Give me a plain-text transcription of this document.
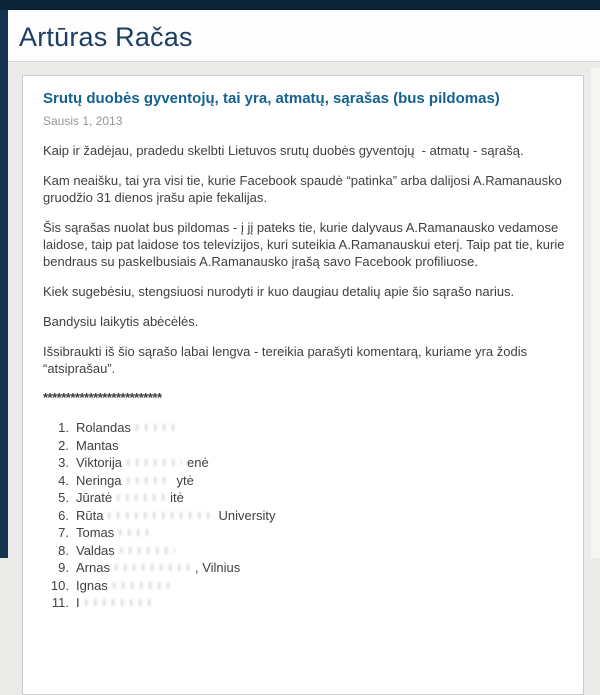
Artūras Račas
Srutų duobės gyventojų, tai yra, atmatų, sąrašas (bus pildomas)
Sausis 1, 2013

Kaip ir žadėjau, pradedu skelbti Lietuvos srutų duobės gyventojų  - atmatų - sąrašą.

Kam neaišku, tai yra visi tie, kurie Facebook spaudė “patinka” arba dalijosi A.Ramanausko gruodžio 31 dienos įrašu apie fekalijas.

Šis sąrašas nuolat bus pildomas - į jį pateks tie, kurie dalyvaus A.Ramanausko vedamose laidose, taip pat laidose tos televizijos, kuri suteikia A.Ramanauskui eterį. Taip pat tie, kurie bendraus su paskelbusiais A.Ramanausko įrašą savo Facebook profiliuose.

Kiek sugebėsiu, stengsiuosi nurodyti ir kuo daugiau detalių apie šio sąrašo narius.

Bandysiu laikytis abėcėlės.

Išsibraukti iš šio sąrašo labai lengva - tereikia parašyti komentarą, kuriame yra žodis “atsiprašau”.

**************************
1. Rolandas
2. Mantas
3. Viktorija	enė
4. Neringa	ytė
5. Jūratė	itė
6. Rūta	University
7. Tomas
8. Valdas
9. Arnas	, Vilnius
10. Ignas
11. I
